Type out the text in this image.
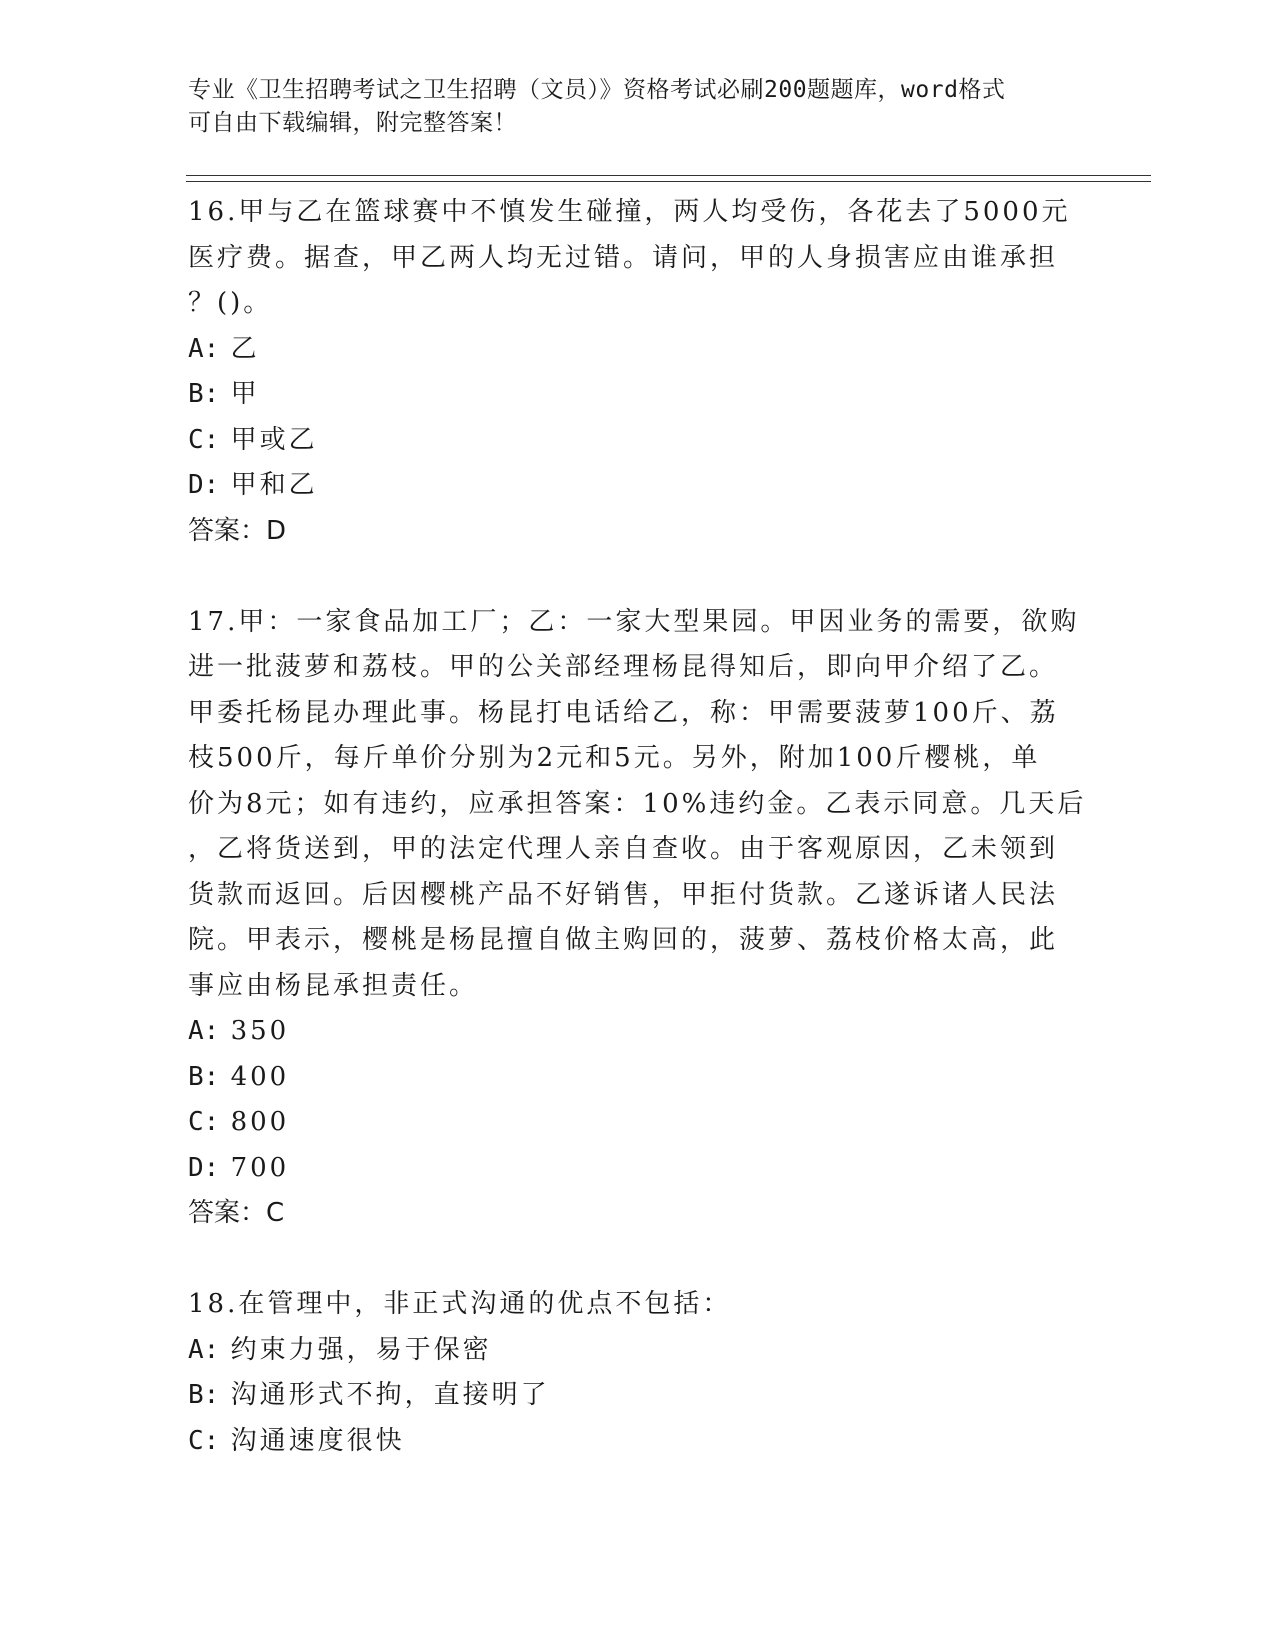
专业《卫生招聘考试之卫生招聘（文员）》资格考试必刷200题题库，word格式
可自由下载编辑，附完整答案！
16.甲与乙在篮球赛中不慎发生碰撞，两人均受伤，各花去了5000元
医疗费。据查，甲乙两人均无过错。请问，甲的人身损害应由谁承担
？()。
A: 乙
B: 甲
C: 甲或乙
D: 甲和乙
答案：D
17.甲：一家食品加工厂；乙：一家大型果园。甲因业务的需要，欲购
进一批菠萝和荔枝。甲的公关部经理杨昆得知后，即向甲介绍了乙。
甲委托杨昆办理此事。杨昆打电话给乙，称：甲需要菠萝100斤、荔
枝500斤，每斤单价分别为2元和5元。另外，附加100斤樱桃，单
价为8元；如有违约，应承担答案：10%违约金。乙表示同意。几天后
，乙将货送到，甲的法定代理人亲自查收。由于客观原因，乙未领到
货款而返回。后因樱桃产品不好销售，甲拒付货款。乙遂诉诸人民法
院。甲表示，樱桃是杨昆擅自做主购回的，菠萝、荔枝价格太高，此
事应由杨昆承担责任。
A: 350
B: 400
C: 800
D: 700
答案：C
18.在管理中，非正式沟通的优点不包括：
A: 约束力强，易于保密
B: 沟通形式不拘，直接明了
C: 沟通速度很快
